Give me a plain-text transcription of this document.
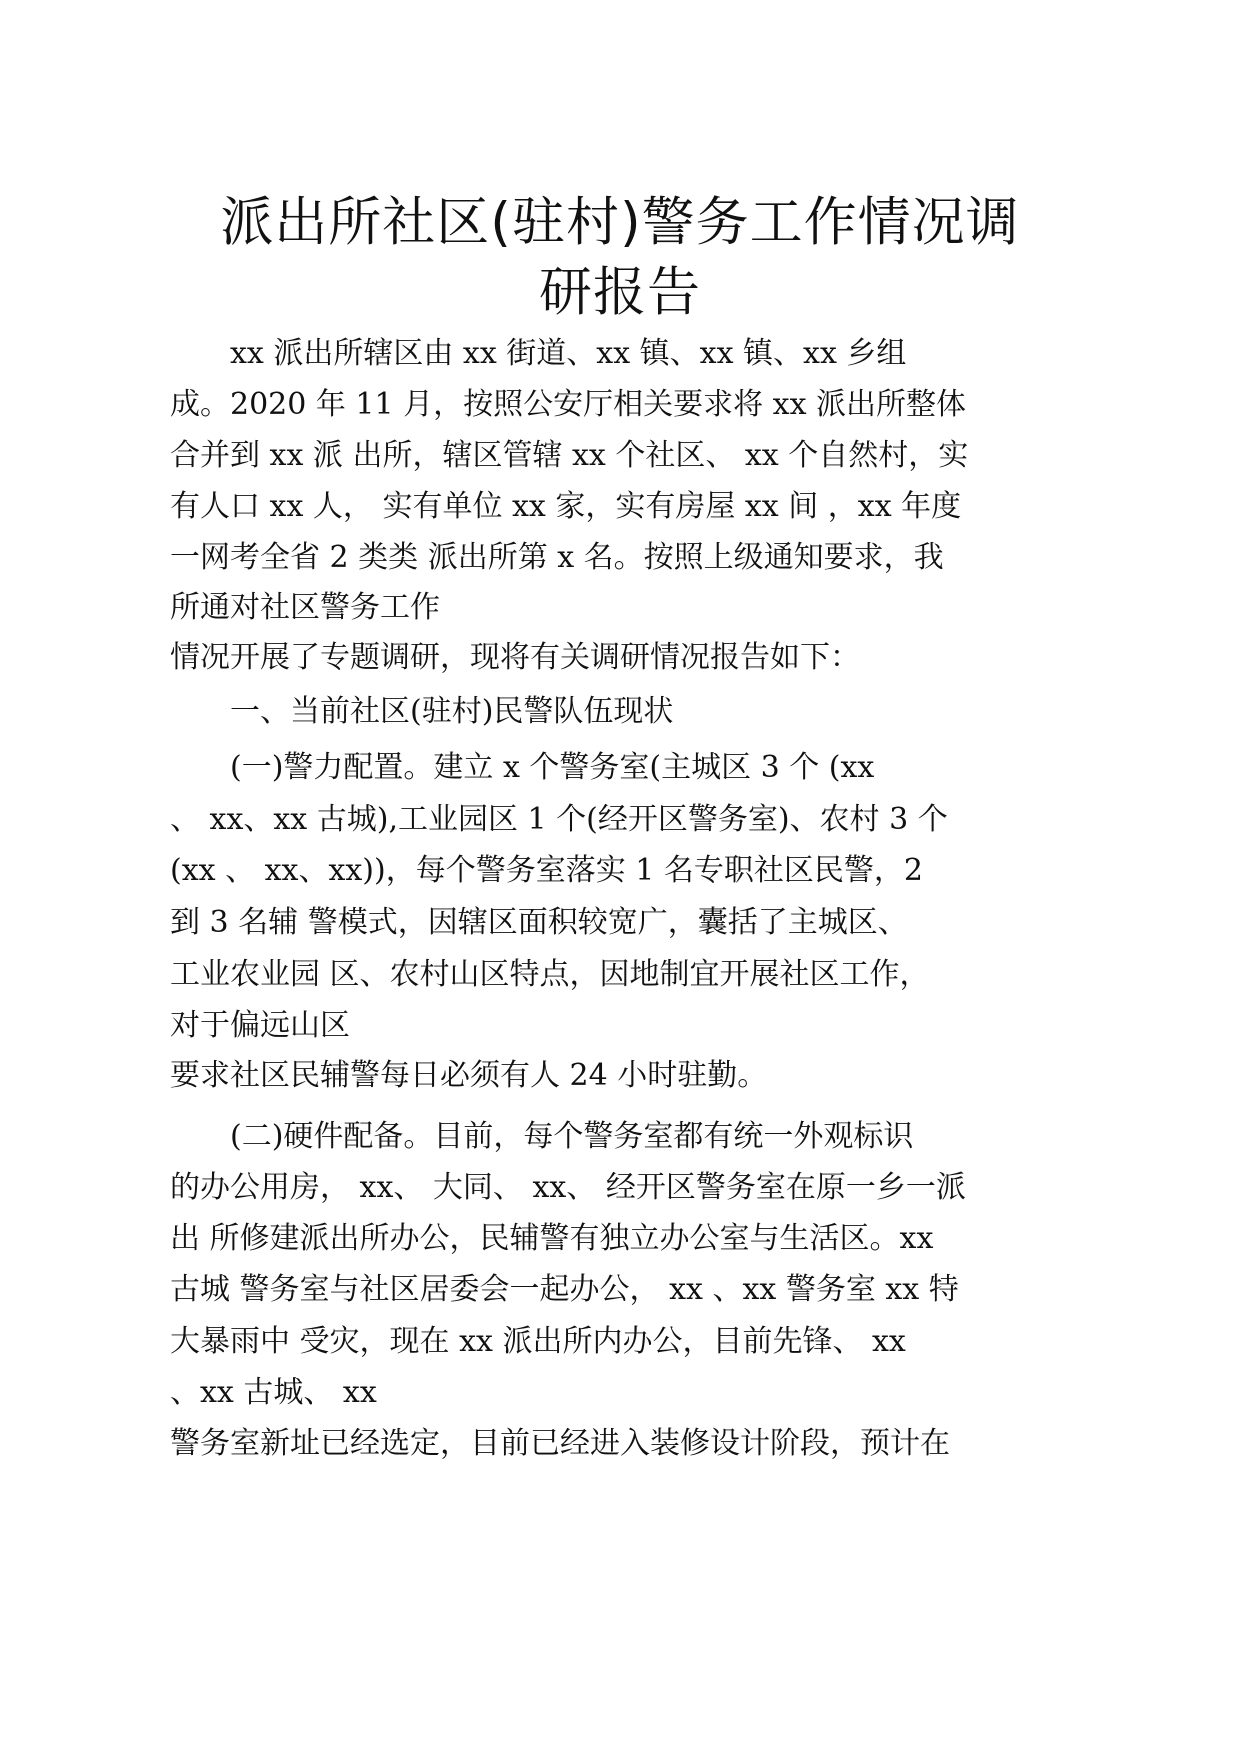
派出所社区(驻村)警务工作情况调
研报告
xx 派出所辖区由 xx 街道、xx 镇、xx 镇、xx 乡组
成。2020 年 11 月，按照公安厅相关要求将 xx 派出所整体
合并到 xx 派 出所，辖区管辖 xx 个社区、 xx 个自然村，实
有人口 xx 人， 实有单位 xx 家，实有房屋 xx 间 ，xx 年度
一网考全省 2 类类 派出所第 x 名。按照上级通知要求，我
所通对社区警务工作
情况开展了专题调研，现将有关调研情况报告如下：
一、当前社区(驻村)民警队伍现状
(一)警力配置。建立 x 个警务室(主城区 3 个 (xx
、 xx、xx 古城),工业园区 1 个(经开区警务室)、农村 3 个
(xx 、 xx、xx))，每个警务室落实 1 名专职社区民警，2
到 3 名辅 警模式，因辖区面积较宽广，囊括了主城区、
工业农业园 区、农村山区特点，因地制宜开展社区工作，
对于偏远山区
要求社区民辅警每日必须有人 24 小时驻勤。
(二)硬件配备。目前，每个警务室都有统一外观标识
的办公用房， xx、 大同、 xx、 经开区警务室在原一乡一派
出 所修建派出所办公，民辅警有独立办公室与生活区。xx
古城 警务室与社区居委会一起办公， xx 、xx 警务室 xx 特
大暴雨中 受灾，现在 xx 派出所内办公，目前先锋、 xx
、xx 古城、 xx
警务室新址已经选定，目前已经进入装修设计阶段，预计在
